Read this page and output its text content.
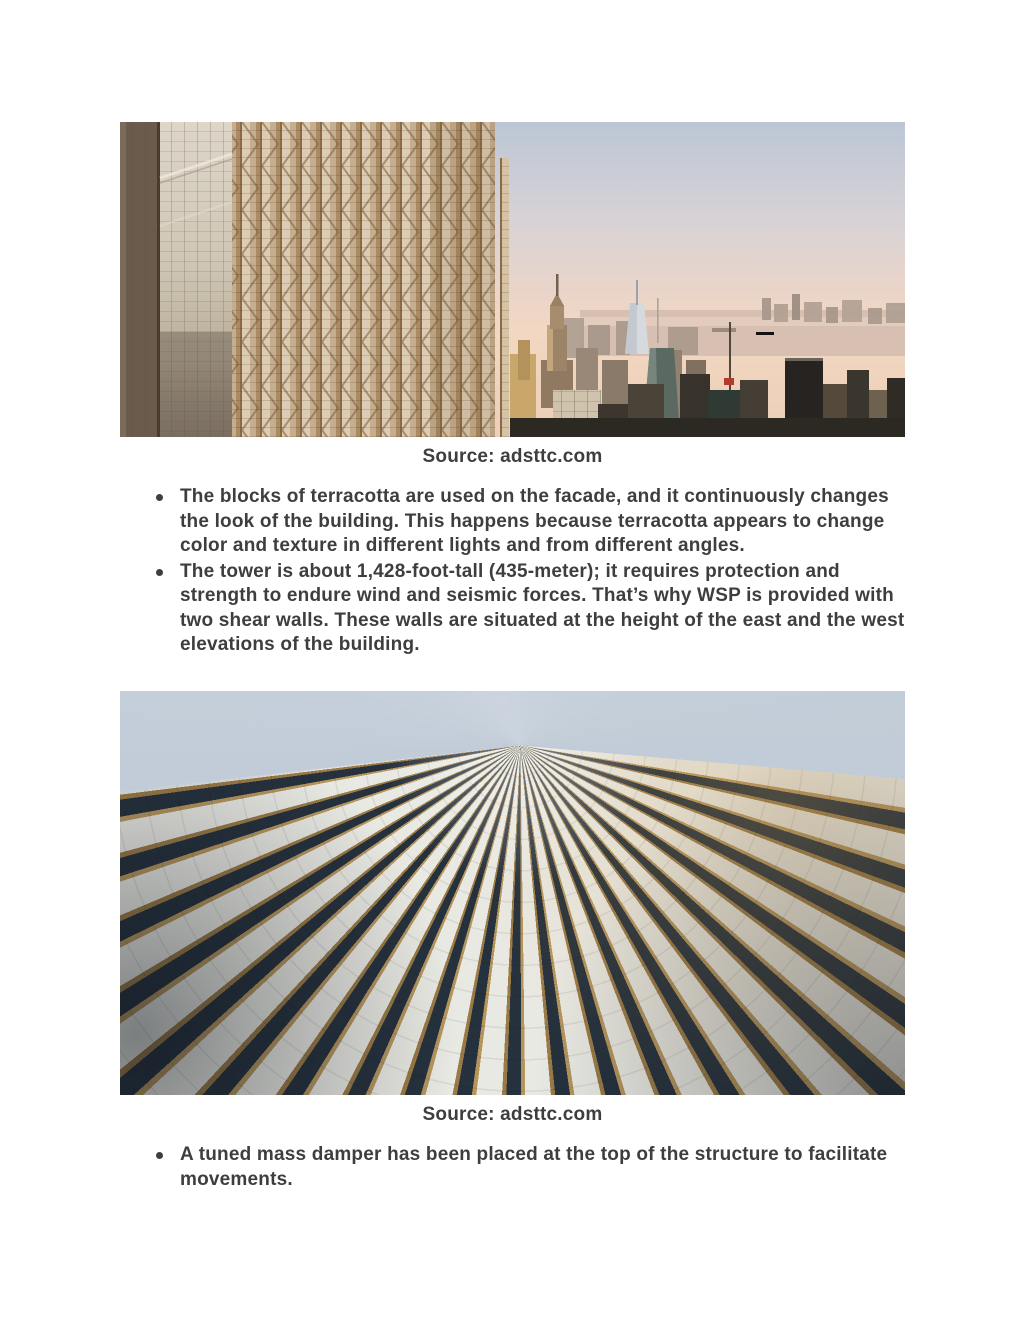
Source: adsttc.com
The blocks of terracotta are used on the facade, and it continuously changes the look of the building. This happens because terracotta appears to change color and texture in different lights and from different angles.
The tower is about 1,428-foot-tall (435-meter); it requires protection and strength to endure wind and seismic forces. That’s why WSP is provided with two shear walls. These walls are situated at the height of the east and the west elevations of the building.
Source: adsttc.com
A tuned mass damper has been placed at the top of the structure to facilitate movements.
